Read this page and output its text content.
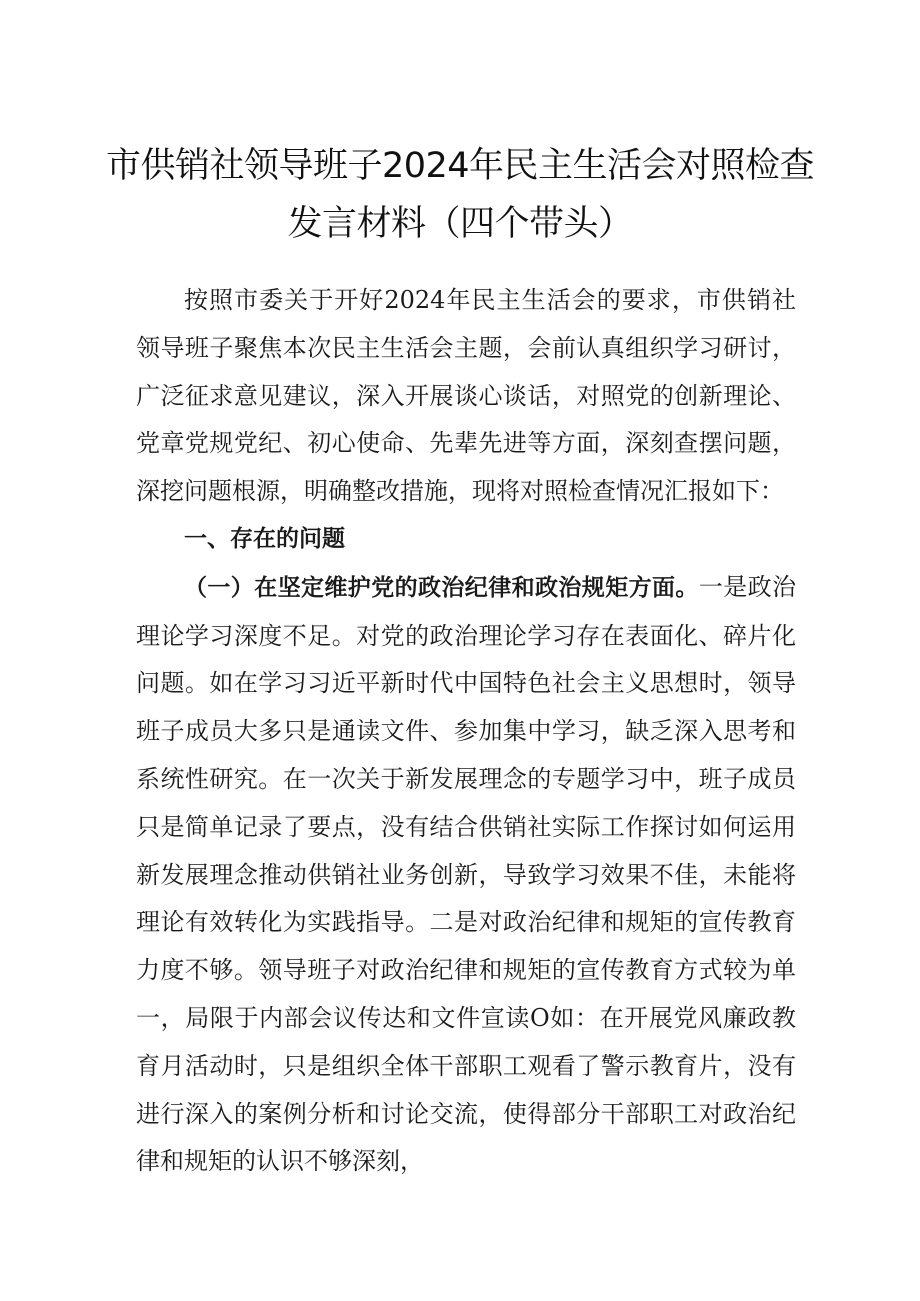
市供销社领导班子2024年民主生活会对照检查
发言材料（四个带头）

按照市委关于开好2024年民主生活会的要求，市供销社领导班子聚焦本次民主生活会主题，会前认真组织学习研讨，广泛征求意见建议，深入开展谈心谈话，对照党的创新理论、党章党规党纪、初心使命、先辈先进等方面，深刻查摆问题，深挖问题根源，明确整改措施，现将对照检查情况汇报如下：

一、存在的问题

（一）在坚定维护党的政治纪律和政治规矩方面。一是政治理论学习深度不足。对党的政治理论学习存在表面化、碎片化问题。如在学习习近平新时代中国特色社会主义思想时，领导班子成员大多只是通读文件、参加集中学习，缺乏深入思考和系统性研究。在一次关于新发展理念的专题学习中，班子成员只是简单记录了要点，没有结合供销社实际工作探讨如何运用新发展理念推动供销社业务创新，导致学习效果不佳，未能将理论有效转化为实践指导。二是对政治纪律和规矩的宣传教育力度不够。领导班子对政治纪律和规矩的宣传教育方式较为单一，局限于内部会议传达和文件宣读O如：在开展党风廉政教育月活动时，只是组织全体干部职工观看了警示教育片，没有进行深入的案例分析和讨论交流，使得部分干部职工对政治纪律和规矩的认识不够深刻，
